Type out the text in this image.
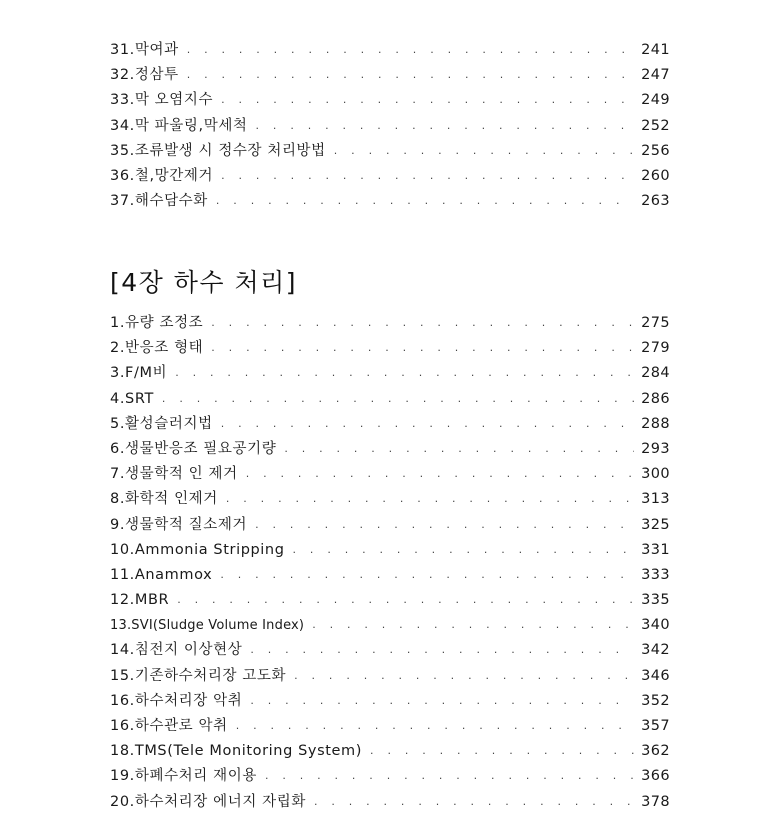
31.막여과 . . .	241
32.정삼투 . . .	247
33.막 오염지수 . . .	249
34.막 파울링,막세척 . . .	252
35.조류발생 시 정수장 처리방법 . . .	256
36.철,망간제거 . . .	260
37.해수담수화 . . .	263
[4장 하수 처리]
1.유량 조정조 . . .	275
2.반응조 형태 . . .	279
3.F/M비 . . .	284
4.SRT . . .	286
5.활성슬러지법 . . .	288
6.생물반응조 필요공기량 . . .	293
7.생물학적 인 제거 . . .	300
8.화학적 인제거 . . .	313
9.생물학적 질소제거 . . .	325
10.Ammonia Stripping . . .	331
11.Anammox . . .	333
12.MBR . . .	335
13.SVI(Sludge Volume Index) . . .	340
14.침전지 이상현상 . . .	342
15.기존하수처리장 고도화 . . .	346
16.하수처리장 악취 . . .	352
16.하수관로 악취 . . .	357
18.TMS(Tele Monitoring System) . . .	362
19.하폐수처리 재이용 . . .	366
20.하수처리장 에너지 자립화 . . .	378
